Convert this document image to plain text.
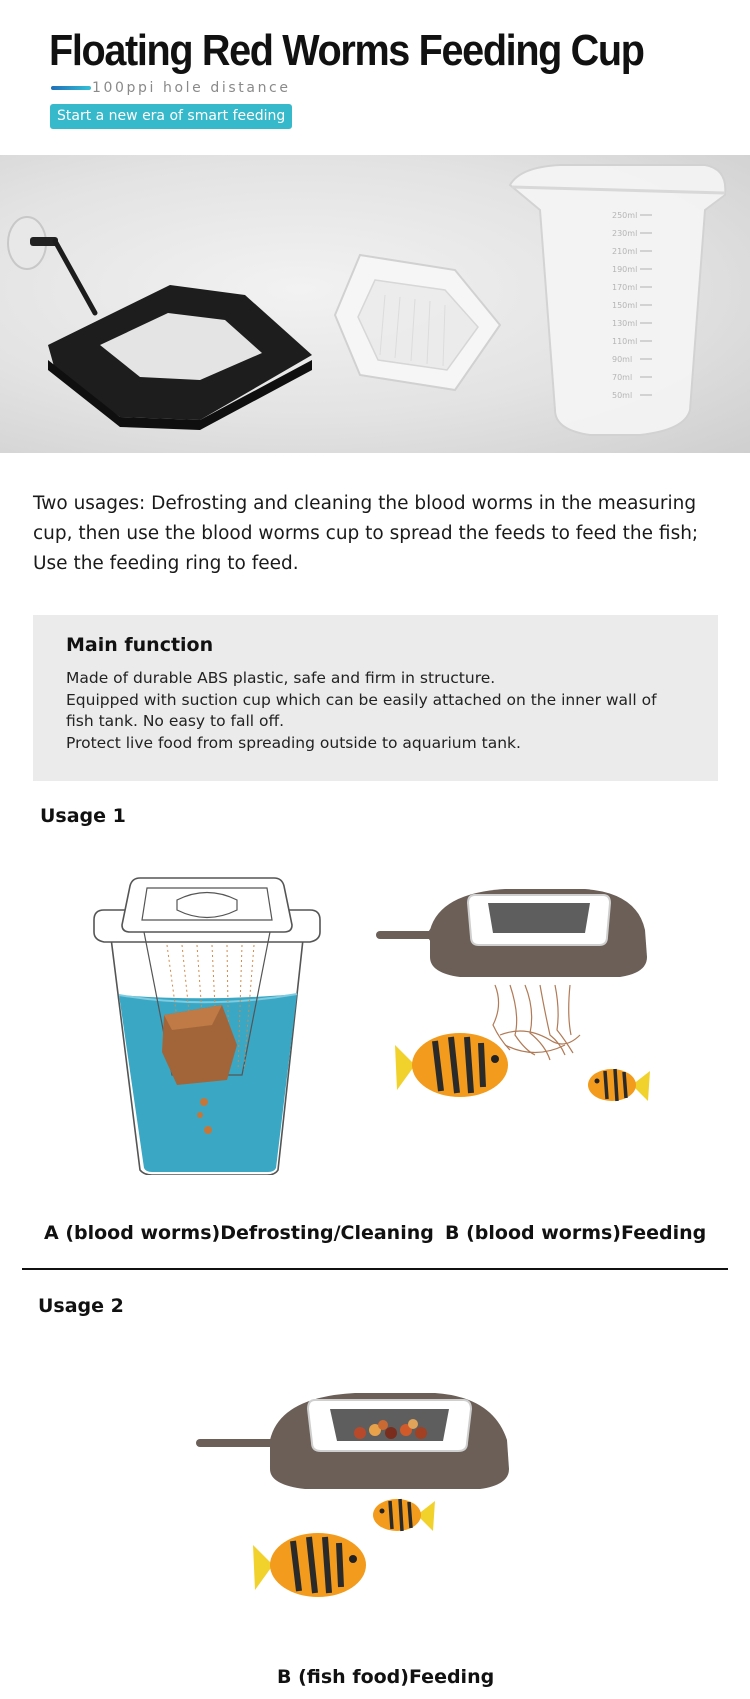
Floating Red Worms Feeding Cup
100ppi hole distance
Start a new era of smart feeding
250ml
230ml
210ml
190ml
170ml
150ml
130ml
110ml
90ml
70ml
50ml
Two usages: Defrosting and cleaning the blood worms in the measuring cup, then use the blood worms cup to spread the feeds to feed the fish; Use the feeding ring to feed.
Main function
Made of durable ABS plastic, safe and firm in structure.
Equipped with suction cup which can be easily attached on the inner wall of fish tank. No easy to fall off.
Protect live food from spreading outside to aquarium tank.
Usage 1
A (blood worms)Defrosting/Cleaning B (blood worms)Feeding
Usage 2
B (fish food)Feeding
